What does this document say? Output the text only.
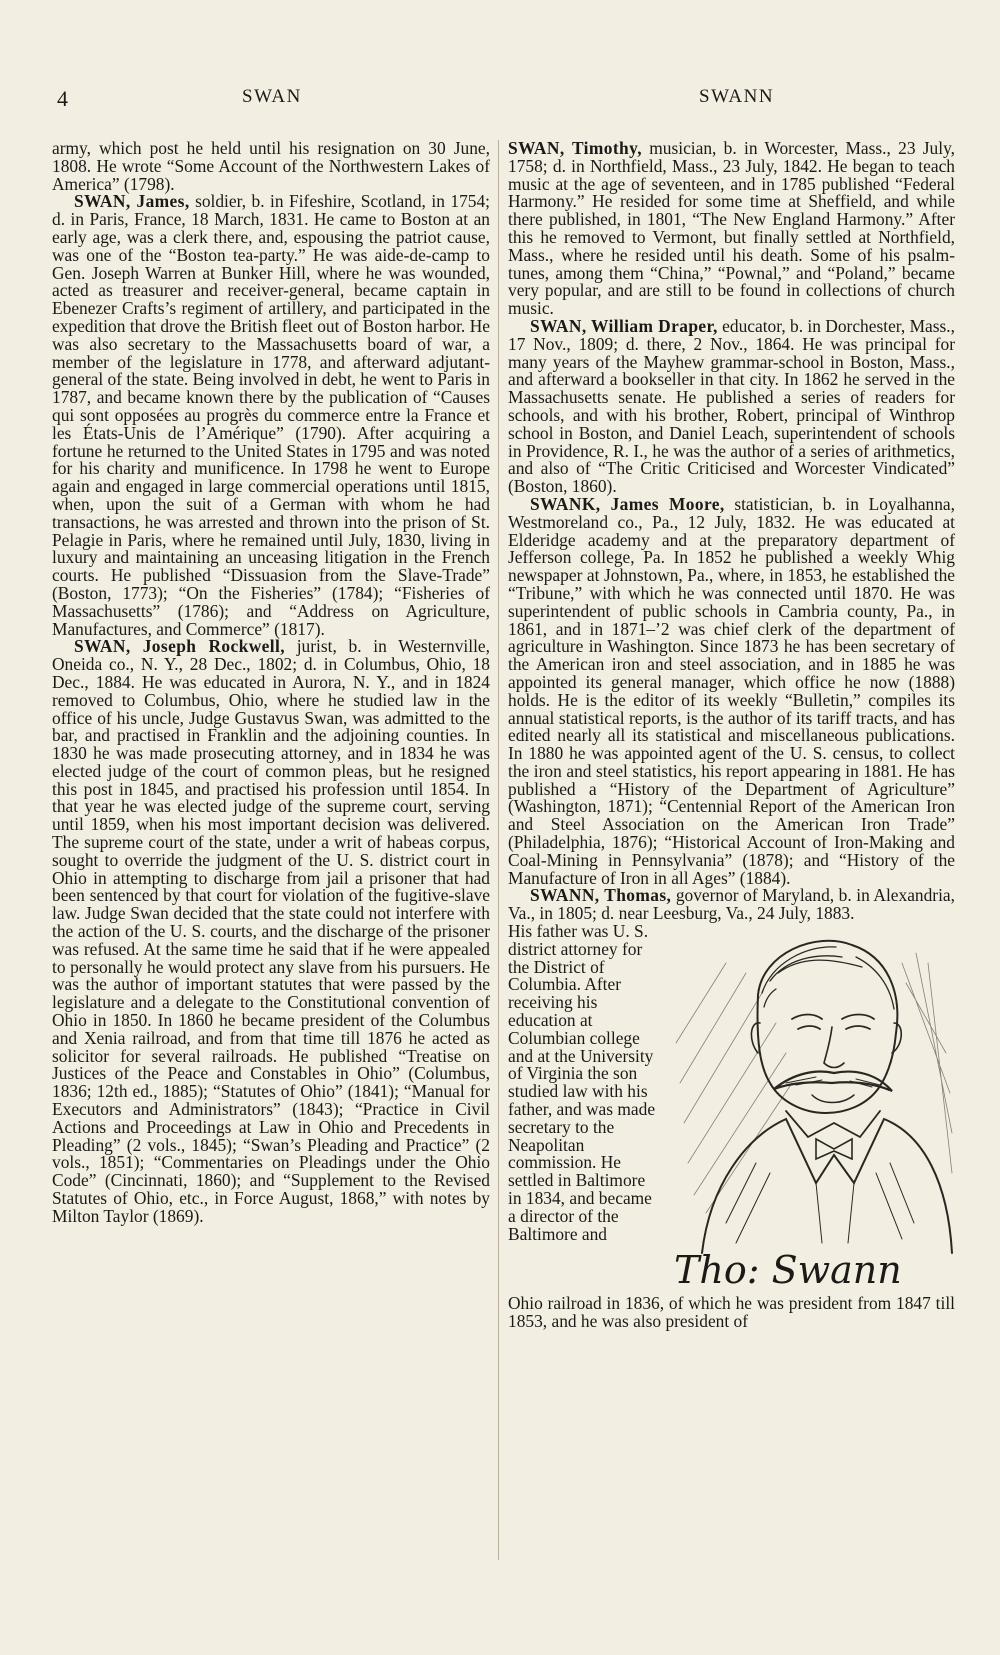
4	SWAN	SWANN

army, which post he held until his resignation on 30 June, 1808. He wrote “Some Account of the Northwestern Lakes of America” (1798).

SWAN, James, soldier, b. in Fifeshire, Scotland, in 1754; d. in Paris, France, 18 March, 1831. He came to Boston at an early age, was a clerk there, and, espousing the patriot cause, was one of the “Boston tea-party.” He was aide-de-camp to Gen. Joseph Warren at Bunker Hill, where he was wounded, acted as treasurer and receiver-general, became captain in Ebenezer Crafts’s regiment of artillery, and participated in the expedition that drove the British fleet out of Boston harbor. He was also secretary to the Massachusetts board of war, a member of the legislature in 1778, and afterward adjutant-general of the state. Being involved in debt, he went to Paris in 1787, and became known there by the publication of “Causes qui sont opposées au progrès du commerce entre la France et les États-Unis de l’Amérique” (1790). After acquiring a fortune he returned to the United States in 1795 and was noted for his charity and munificence. In 1798 he went to Europe again and engaged in large commercial operations until 1815, when, upon the suit of a German with whom he had transactions, he was arrested and thrown into the prison of St. Pelagie in Paris, where he remained until July, 1830, living in luxury and maintaining an unceasing litigation in the French courts. He published “Dissuasion from the Slave-Trade” (Boston, 1773); “On the Fisheries” (1784); “Fisheries of Massachusetts” (1786); and “Address on Agriculture, Manufactures, and Commerce” (1817).

SWAN, Joseph Rockwell, jurist, b. in Westernville, Oneida co., N. Y., 28 Dec., 1802; d. in Columbus, Ohio, 18 Dec., 1884. He was educated in Aurora, N. Y., and in 1824 removed to Columbus, Ohio, where he studied law in the office of his uncle, Judge Gustavus Swan, was admitted to the bar, and practised in Franklin and the adjoining counties. In 1830 he was made prosecuting attorney, and in 1834 he was elected judge of the court of common pleas, but he resigned this post in 1845, and practised his profession until 1854. In that year he was elected judge of the supreme court, serving until 1859, when his most important decision was delivered. The supreme court of the state, under a writ of habeas corpus, sought to override the judgment of the U. S. district court in Ohio in attempting to discharge from jail a prisoner that had been sentenced by that court for violation of the fugitive-slave law. Judge Swan decided that the state could not interfere with the action of the U. S. courts, and the discharge of the prisoner was refused. At the same time he said that if he were appealed to personally he would protect any slave from his pursuers. He was the author of important statutes that were passed by the legislature and a delegate to the Constitutional convention of Ohio in 1850. In 1860 he became president of the Columbus and Xenia railroad, and from that time till 1876 he acted as solicitor for several railroads. He published “Treatise on Justices of the Peace and Constables in Ohio” (Columbus, 1836; 12th ed., 1885); “Statutes of Ohio” (1841); “Manual for Executors and Administrators” (1843); “Practice in Civil Actions and Proceedings at Law in Ohio and Precedents in Pleading” (2 vols., 1845); “Swan’s Pleading and Practice” (2 vols., 1851); “Commentaries on Pleadings under the Ohio Code” (Cincinnati, 1860); and “Supplement to the Revised Statutes of Ohio, etc., in Force August, 1868,” with notes by Milton Taylor (1869).

SWAN, Timothy, musician, b. in Worcester, Mass., 23 July, 1758; d. in Northfield, Mass., 23 July, 1842. He began to teach music at the age of seventeen, and in 1785 published “Federal Harmony.” He resided for some time at Sheffield, and while there published, in 1801, “The New England Harmony.” After this he removed to Vermont, but finally settled at Northfield, Mass., where he resided until his death. Some of his psalm-tunes, among them “China,” “Pownal,” and “Poland,” became very popular, and are still to be found in collections of church music.

SWAN, William Draper, educator, b. in Dorchester, Mass., 17 Nov., 1809; d. there, 2 Nov., 1864. He was principal for many years of the Mayhew grammar-school in Boston, Mass., and afterward a bookseller in that city. In 1862 he served in the Massachusetts senate. He published a series of readers for schools, and with his brother, Robert, principal of Winthrop school in Boston, and Daniel Leach, superintendent of schools in Providence, R. I., he was the author of a series of arithmetics, and also of “The Critic Criticised and Worcester Vindicated” (Boston, 1860).

SWANK, James Moore, statistician, b. in Loyalhanna, Westmoreland co., Pa., 12 July, 1832. He was educated at Elderidge academy and at the preparatory department of Jefferson college, Pa. In 1852 he published a weekly Whig newspaper at Johnstown, Pa., where, in 1853, he established the “Tribune,” with which he was connected until 1870. He was superintendent of public schools in Cambria county, Pa., in 1861, and in 1871–’2 was chief clerk of the department of agriculture in Washington. Since 1873 he has been secretary of the American iron and steel association, and in 1885 he was appointed its general manager, which office he now (1888) holds. He is the editor of its weekly “Bulletin,” compiles its annual statistical reports, is the author of its tariff tracts, and has edited nearly all its statistical and miscellaneous publications. In 1880 he was appointed agent of the U. S. census, to collect the iron and steel statistics, his report appearing in 1881. He has published a “History of the Department of Agriculture” (Washington, 1871); “Centennial Report of the American Iron and Steel Association on the American Iron Trade” (Philadelphia, 1876); “Historical Account of Iron-Making and Coal-Mining in Pennsylvania” (1878); and “History of the Manufacture of Iron in all Ages” (1884).

SWANN, Thomas, governor of Maryland, b. in Alexandria, Va., in 1805; d. near Leesburg, Va., 24 July, 1883.

His father was U. S. district attorney for the District of Columbia. After receiving his education at Columbian college and at the University of Virginia the son studied law with his father, and was made secretary to the Neapolitan commission. He settled in Baltimore in 1834, and became a director of the Baltimore and

Tho: Swann

Ohio railroad in 1836, of which he was president from 1847 till 1853, and he was also president of
